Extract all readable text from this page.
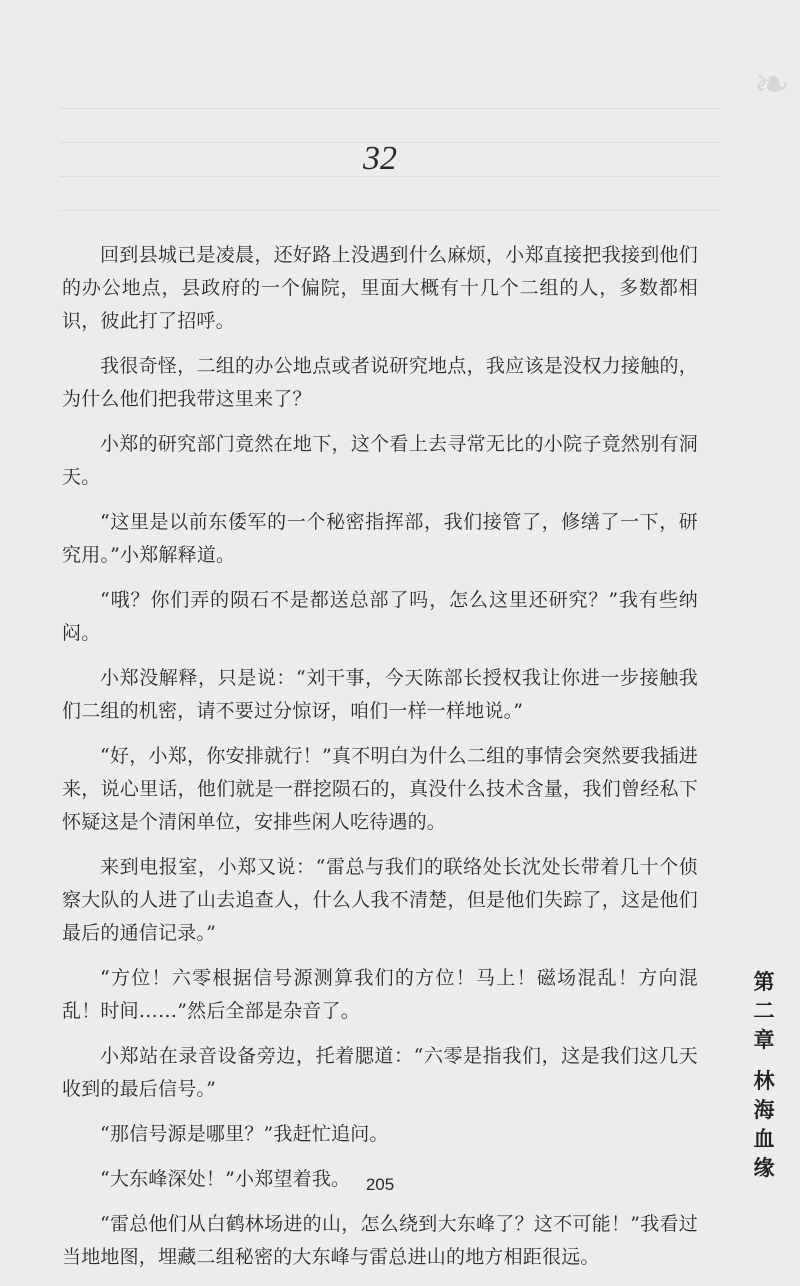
❧
32

回到县城已是凌晨，还好路上没遇到什么麻烦，小郑直接把我接到他们的办公地点，县政府的一个偏院，里面大概有十几个二组的人，多数都相识，彼此打了招呼。

我很奇怪，二组的办公地点或者说研究地点，我应该是没权力接触的，为什么他们把我带这里来了？

小郑的研究部门竟然在地下，这个看上去寻常无比的小院子竟然别有洞天。

“这里是以前东倭军的一个秘密指挥部，我们接管了，修缮了一下，研究用。”小郑解释道。

“哦？你们弄的陨石不是都送总部了吗，怎么这里还研究？”我有些纳闷。

小郑没解释，只是说：“刘干事，今天陈部长授权我让你进一步接触我们二组的机密，请不要过分惊讶，咱们一样一样地说。”

“好，小郑，你安排就行！”真不明白为什么二组的事情会突然要我插进来，说心里话，他们就是一群挖陨石的，真没什么技术含量，我们曾经私下怀疑这是个清闲单位，安排些闲人吃待遇的。

来到电报室，小郑又说：“雷总与我们的联络处长沈处长带着几十个侦察大队的人进了山去追查人，什么人我不清楚，但是他们失踪了，这是他们最后的通信记录。”

“方位！六零根据信号源测算我们的方位！马上！磁场混乱！方向混乱！时间……”然后全部是杂音了。

小郑站在录音设备旁边，托着腮道：“六零是指我们，这是我们这几天收到的最后信号。”

“那信号源是哪里？”我赶忙追问。

“大东峰深处！”小郑望着我。

“雷总他们从白鹤林场进的山，怎么绕到大东峰了？这不可能！”我看过当地地图，埋藏二组秘密的大东峰与雷总进山的地方相距很远。

第二章
林海血缘
205
